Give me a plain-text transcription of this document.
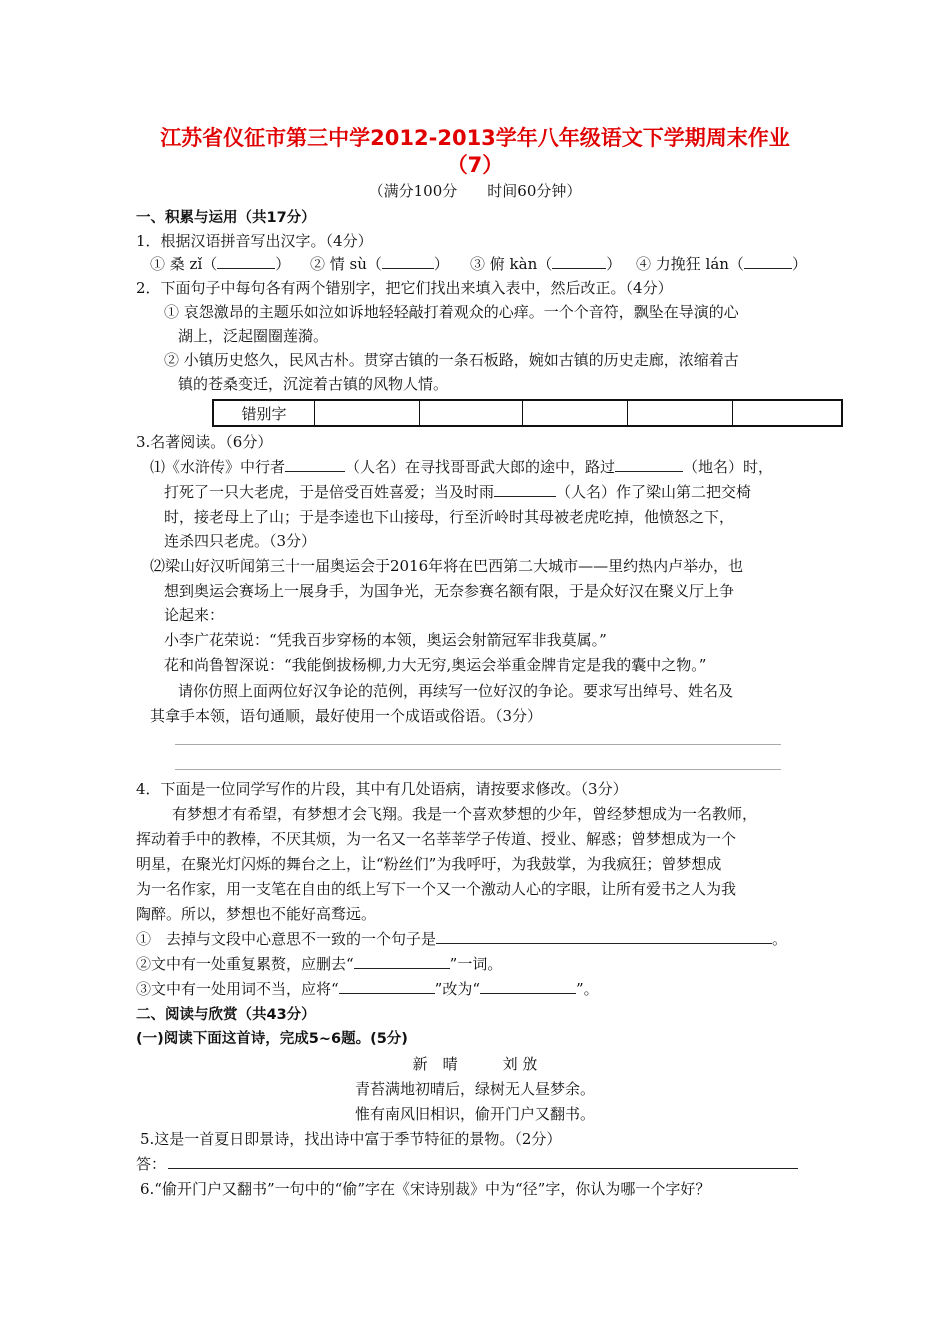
江苏省仪征市第三中学2012-2013学年八年级语文下学期周末作业
（7）
（满分100分　　时间60分钟）
一、积累与运用（共17分）
1．根据汉语拼音写出汉字。（4分）
① 桑 zǐ（	） ② 情 sù（	） ③ 俯 kàn（	） ④ 力挽狂 lán（	）
2．下面句子中每句各有两个错别字，把它们找出来填入表中，然后改正。（4分）
① 哀怨激昂的主题乐如泣如诉地轻轻敲打着观众的心痒。一个个音符，飘坠在导演的心
湖上，泛起圈圈莲漪。
② 小镇历史悠久，民风古朴。贯穿古镇的一条石板路，婉如古镇的历史走廊，浓缩着古
镇的苍桑变迁，沉淀着古镇的风物人情。
错别字					
3.名著阅读。（6分）
⑴《水浒传》中行者	（人名）在寻找哥哥武大郎的途中，路过	（地名）时，
打死了一只大老虎，于是倍受百姓喜爱；当及时雨	（人名）作了梁山第二把交椅
时，接老母上了山；于是李逵也下山接母，行至沂岭时其母被老虎吃掉，他愤怒之下，
连杀四只老虎。（3分）
⑵梁山好汉听闻第三十一届奥运会于2016年将在巴西第二大城市——里约热内卢举办，也
想到奥运会赛场上一展身手，为国争光，无奈参赛名额有限，于是众好汉在聚义厅上争
论起来：
小李广花荣说：“凭我百步穿杨的本领，奥运会射箭冠军非我莫属。”
花和尚鲁智深说：“我能倒拔杨柳,力大无穷,奥运会举重金牌肯定是我的囊中之物。”
请你仿照上面两位好汉争论的范例，再续写一位好汉的争论。要求写出绰号、姓名及
其拿手本领，语句通顺，最好使用一个成语或俗语。（3分）
4．下面是一位同学写作的片段，其中有几处语病，请按要求修改。（3分）
有梦想才有希望，有梦想才会飞翔。我是一个喜欢梦想的少年，曾经梦想成为一名教师，
挥动着手中的教棒，不厌其烦，为一名又一名莘莘学子传道、授业、解惑；曾梦想成为一个
明星，在聚光灯闪烁的舞台之上，让“粉丝们”为我呼吁，为我鼓掌，为我疯狂；曾梦想成
为一名作家，用一支笔在自由的纸上写下一个又一个激动人心的字眼，让所有爱书之人为我
陶醉。所以，梦想也不能好高骛远。
①　去掉与文段中心意思不一致的一个句子是	。
②文中有一处重复累赘，应删去“	”一词。
③文中有一处用词不当，应将“	”改为“	”。
二、阅读与欣赏（共43分）
(一)阅读下面这首诗，完成5~6题。(5分)
新　晴　　　刘 攽
青苔满地初晴后，绿树无人昼梦余。
惟有南风旧相识，偷开门户又翻书。
5.这是一首夏日即景诗，找出诗中富于季节特征的景物。（2分）
答：
6.“偷开门户又翻书”一句中的“偷”字在《宋诗别裁》中为“径”字，你认为哪一个字好？
